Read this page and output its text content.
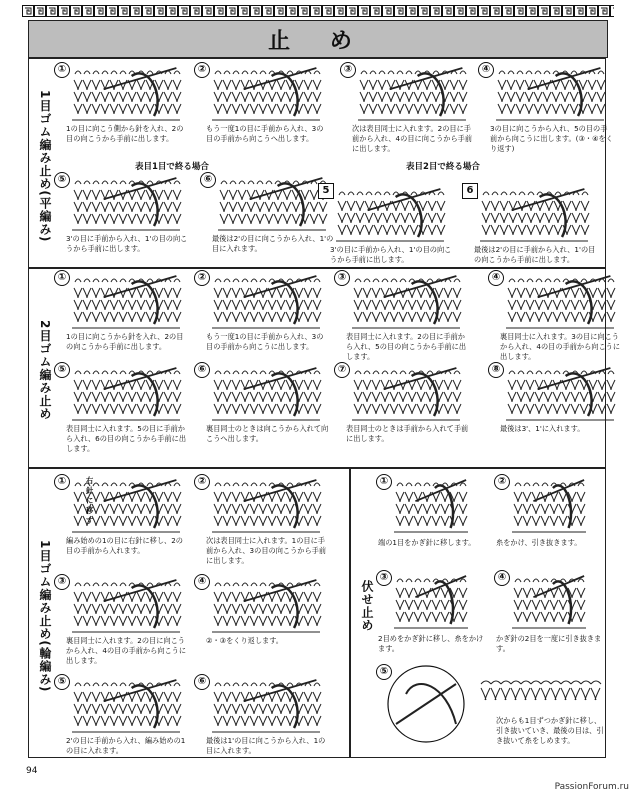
止 め
1目ゴム編み止め(平編み)
2目ゴム編み止め
1目ゴム編み止め(輪編み)	伏せ止め
表目1目で終る場合	表目2目で終る場合
①
1の目に向こう側から針を入れ、2の目の向こうから手前に出します。
②
もう一度1の目に手前から入れ、3の目の手前から向こうへ出します。
③
次は表目同士に入れます。2の目に手前から入れ、4の目に向こうから手前に出します。
④
3の目に向こうから入れ、5の目の手前から向こうに出します。(③・④をくり返す)
⑤
3'の目に手前から入れ、1'の目の向こうから手前に出します。
⑥
最後は2'の目に向こうから入れ、1'の目に入れます。
5
3'の目に手前から入れ、1'の目の向こうから手前に出します。
6
最後は2'の目に手前から入れ、1'の目の向こうから手前に出します。
①
1の目に向こうから針を入れ、2の目の向こうから手前に出します。
②
もう一度1の目に手前から入れ、3の目の手前から向こうに出します。
③
表目同士に入れます。2の目に手前から入れ、5の目の向こうから手前に出します。
④
裏目同士に入れます。3の目に向こうから入れ、4の目の手前から向こうに出します。
⑤
表目同士に入れます。5の目に手前から入れ、6の目の向こうから手前に出します。
⑥
裏目同士のときは向こうから入れて向こうへ出します。
⑦
表目同士のときは手前から入れて手前に出します。
⑧
最後は3'、1'に入れます。
①
編み始めの1の目に右針に移し、2の目の手前から入れます。
右針に移す
②
次は表目同士に入れます。1の目に手前から入れ、3の目の向こうから手前に出します。
③
裏目同士に入れます。2の目に向こうから入れ、4の目の手前から向こうに出します。
④
②・③をくり返します。
⑤
2'の目に手前から入れ、編み始めの1の目に入れます。
⑥
最後は1'の目に向こうから入れ、1の目に入れます。
①
端の1目をかぎ針に移します。
②
糸をかけ、引き抜きます。
③
2目めをかぎ針に移し、糸をかけます。
④
かぎ針の2目を一度に引き抜きます。
⑤
次からも1目ずつかぎ針に移し、引き抜いていき、最後の目は、引き抜いて糸をしめます。
94
PassionForum.ru
